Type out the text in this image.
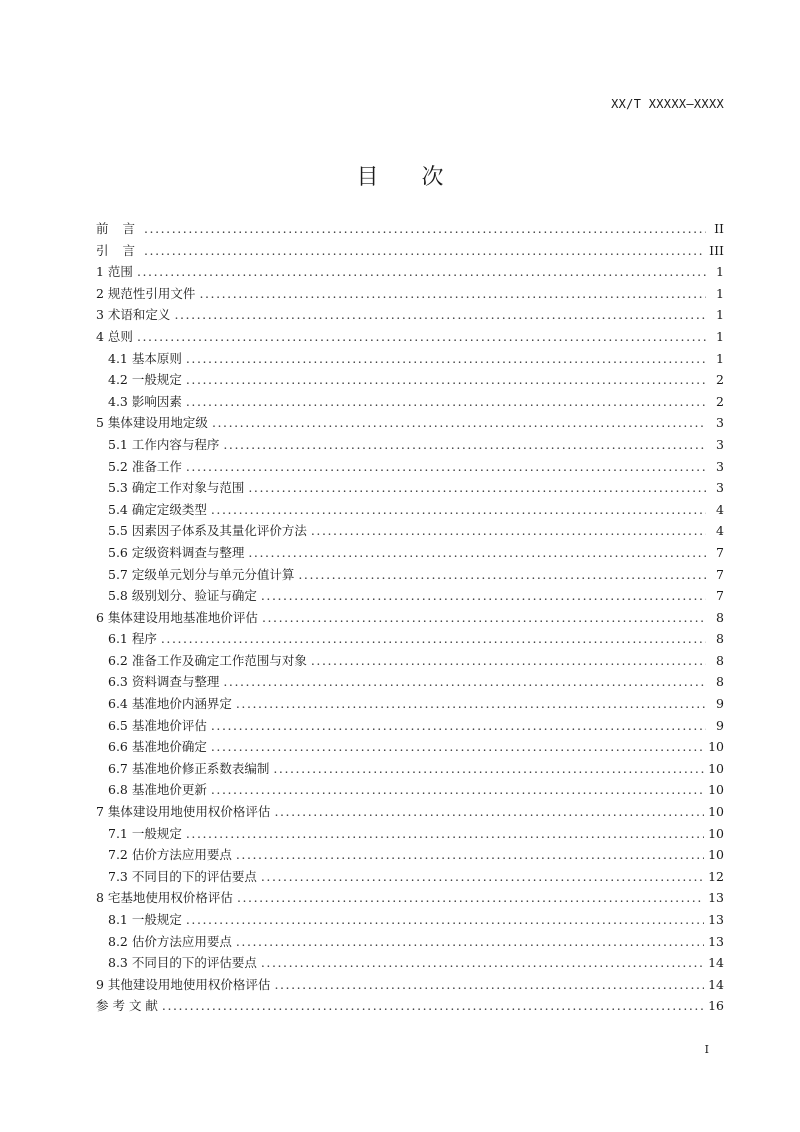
XX/T XXXXX—XXXX
目 次
前 言 . . .	II
引 言 . . .	III
1 范围 . . .	1
2 规范性引用文件 . . .	1
3 术语和定义 . . .	1
4 总则 . . .	1
4.1 基本原则 . . .	1
4.2 一般规定 . . .	2
4.3 影响因素 . . .	2
5 集体建设用地定级 . . .	3
5.1 工作内容与程序 . . .	3
5.2 准备工作 . . .	3
5.3 确定工作对象与范围 . . .	3
5.4 确定定级类型 . . .	4
5.5 因素因子体系及其量化评价方法 . . .	4
5.6 定级资料调查与整理 . . .	7
5.7 定级单元划分与单元分值计算 . . .	7
5.8 级别划分、验证与确定 . . .	7
6 集体建设用地基准地价评估 . . .	8
6.1 程序 . . .	8
6.2 准备工作及确定工作范围与对象 . . .	8
6.3 资料调查与整理 . . .	8
6.4 基准地价内涵界定 . . .	9
6.5 基准地价评估 . . .	9
6.6 基准地价确定 . . .	10
6.7 基准地价修正系数表编制 . . .	10
6.8 基准地价更新 . . .	10
7 集体建设用地使用权价格评估 . . .	10
7.1 一般规定 . . .	10
7.2 估价方法应用要点 . . .	10
7.3 不同目的下的评估要点 . . .	12
8 宅基地使用权价格评估 . . .	13
8.1 一般规定 . . .	13
8.2 估价方法应用要点 . . .	13
8.3 不同目的下的评估要点 . . .	14
9 其他建设用地使用权价格评估 . . .	14
参 考 文 献 . . .	16
I
